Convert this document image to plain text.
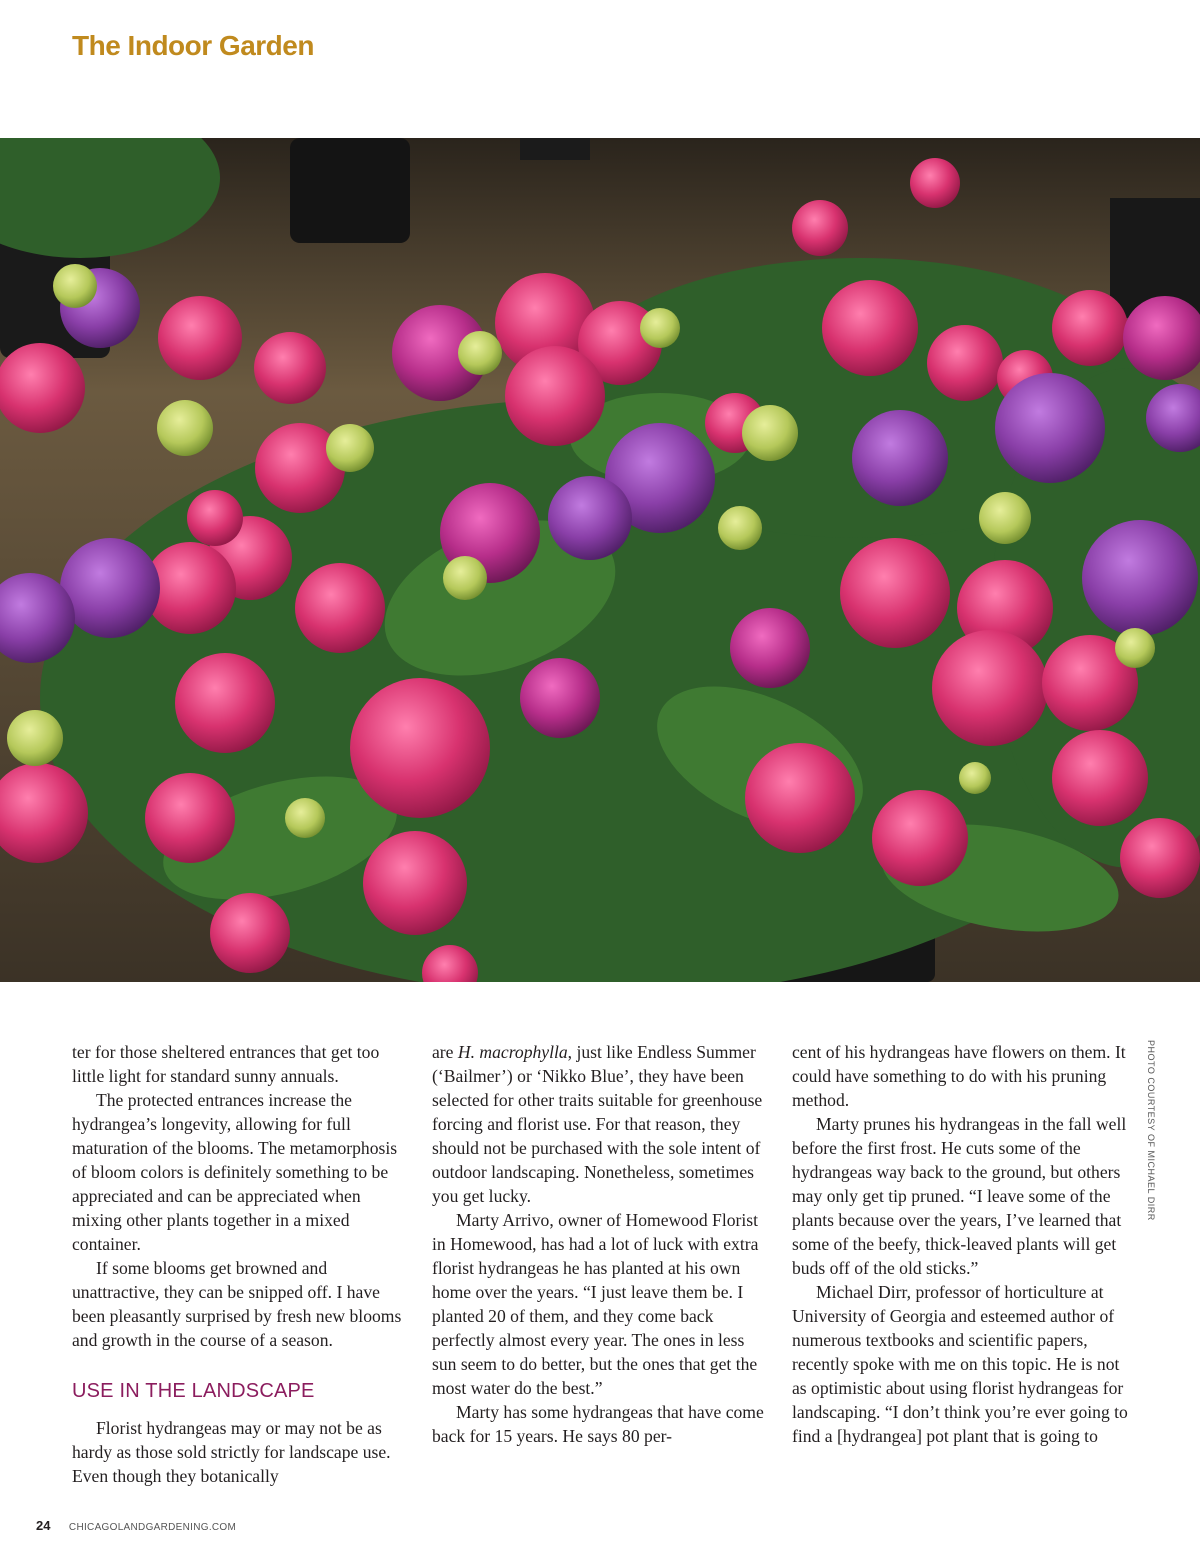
The Indoor Garden

ter for those sheltered entrances that get too little light for standard sunny annuals.

The protected entrances increase the hydrangea’s longevity, allowing for full maturation of the blooms. The metamorphosis of bloom colors is definitely something to be appreciated and can be appreciated when mixing other plants together in a mixed container.

If some blooms get browned and unattractive, they can be snipped off. I have been pleasantly surprised by fresh new blooms and growth in the course of a season.

USE IN THE LANDSCAPE

Florist hydrangeas may or may not be as hardy as those sold strictly for landscape use. Even though they botanically

are H. macrophylla, just like Endless Summer (‘Bailmer’) or ‘Nikko Blue’, they have been selected for other traits suitable for greenhouse forcing and florist use. For that reason, they should not be purchased with the sole intent of outdoor landscaping. Nonetheless, sometimes you get lucky.

Marty Arrivo, owner of Homewood Florist in Homewood, has had a lot of luck with extra florist hydrangeas he has planted at his own home over the years. “I just leave them be. I planted 20 of them, and they come back perfectly almost every year. The ones in less sun seem to do better, but the ones that get the most water do the best.”

Marty has some hydrangeas that have come back for 15 years. He says 80 per-

cent of his hydrangeas have flowers on them. It could have something to do with his pruning method.

Marty prunes his hydrangeas in the fall well before the first frost. He cuts some of the hydrangeas way back to the ground, but others may only get tip pruned. “I leave some of the plants because over the years, I’ve learned that some of the beefy, thick-leaved plants will get buds off of the old sticks.”

Michael Dirr, professor of horticulture at University of Georgia and esteemed author of numerous textbooks and scientific papers, recently spoke with me on this topic. He is not as optimistic about using florist hydrangeas for landscaping. “I don’t think you’re ever going to find a [hydrangea] pot plant that is going to

PHOTO COURTESY OF MICHAEL DIRR
24 CHICAGOLANDGARDENING.COM
